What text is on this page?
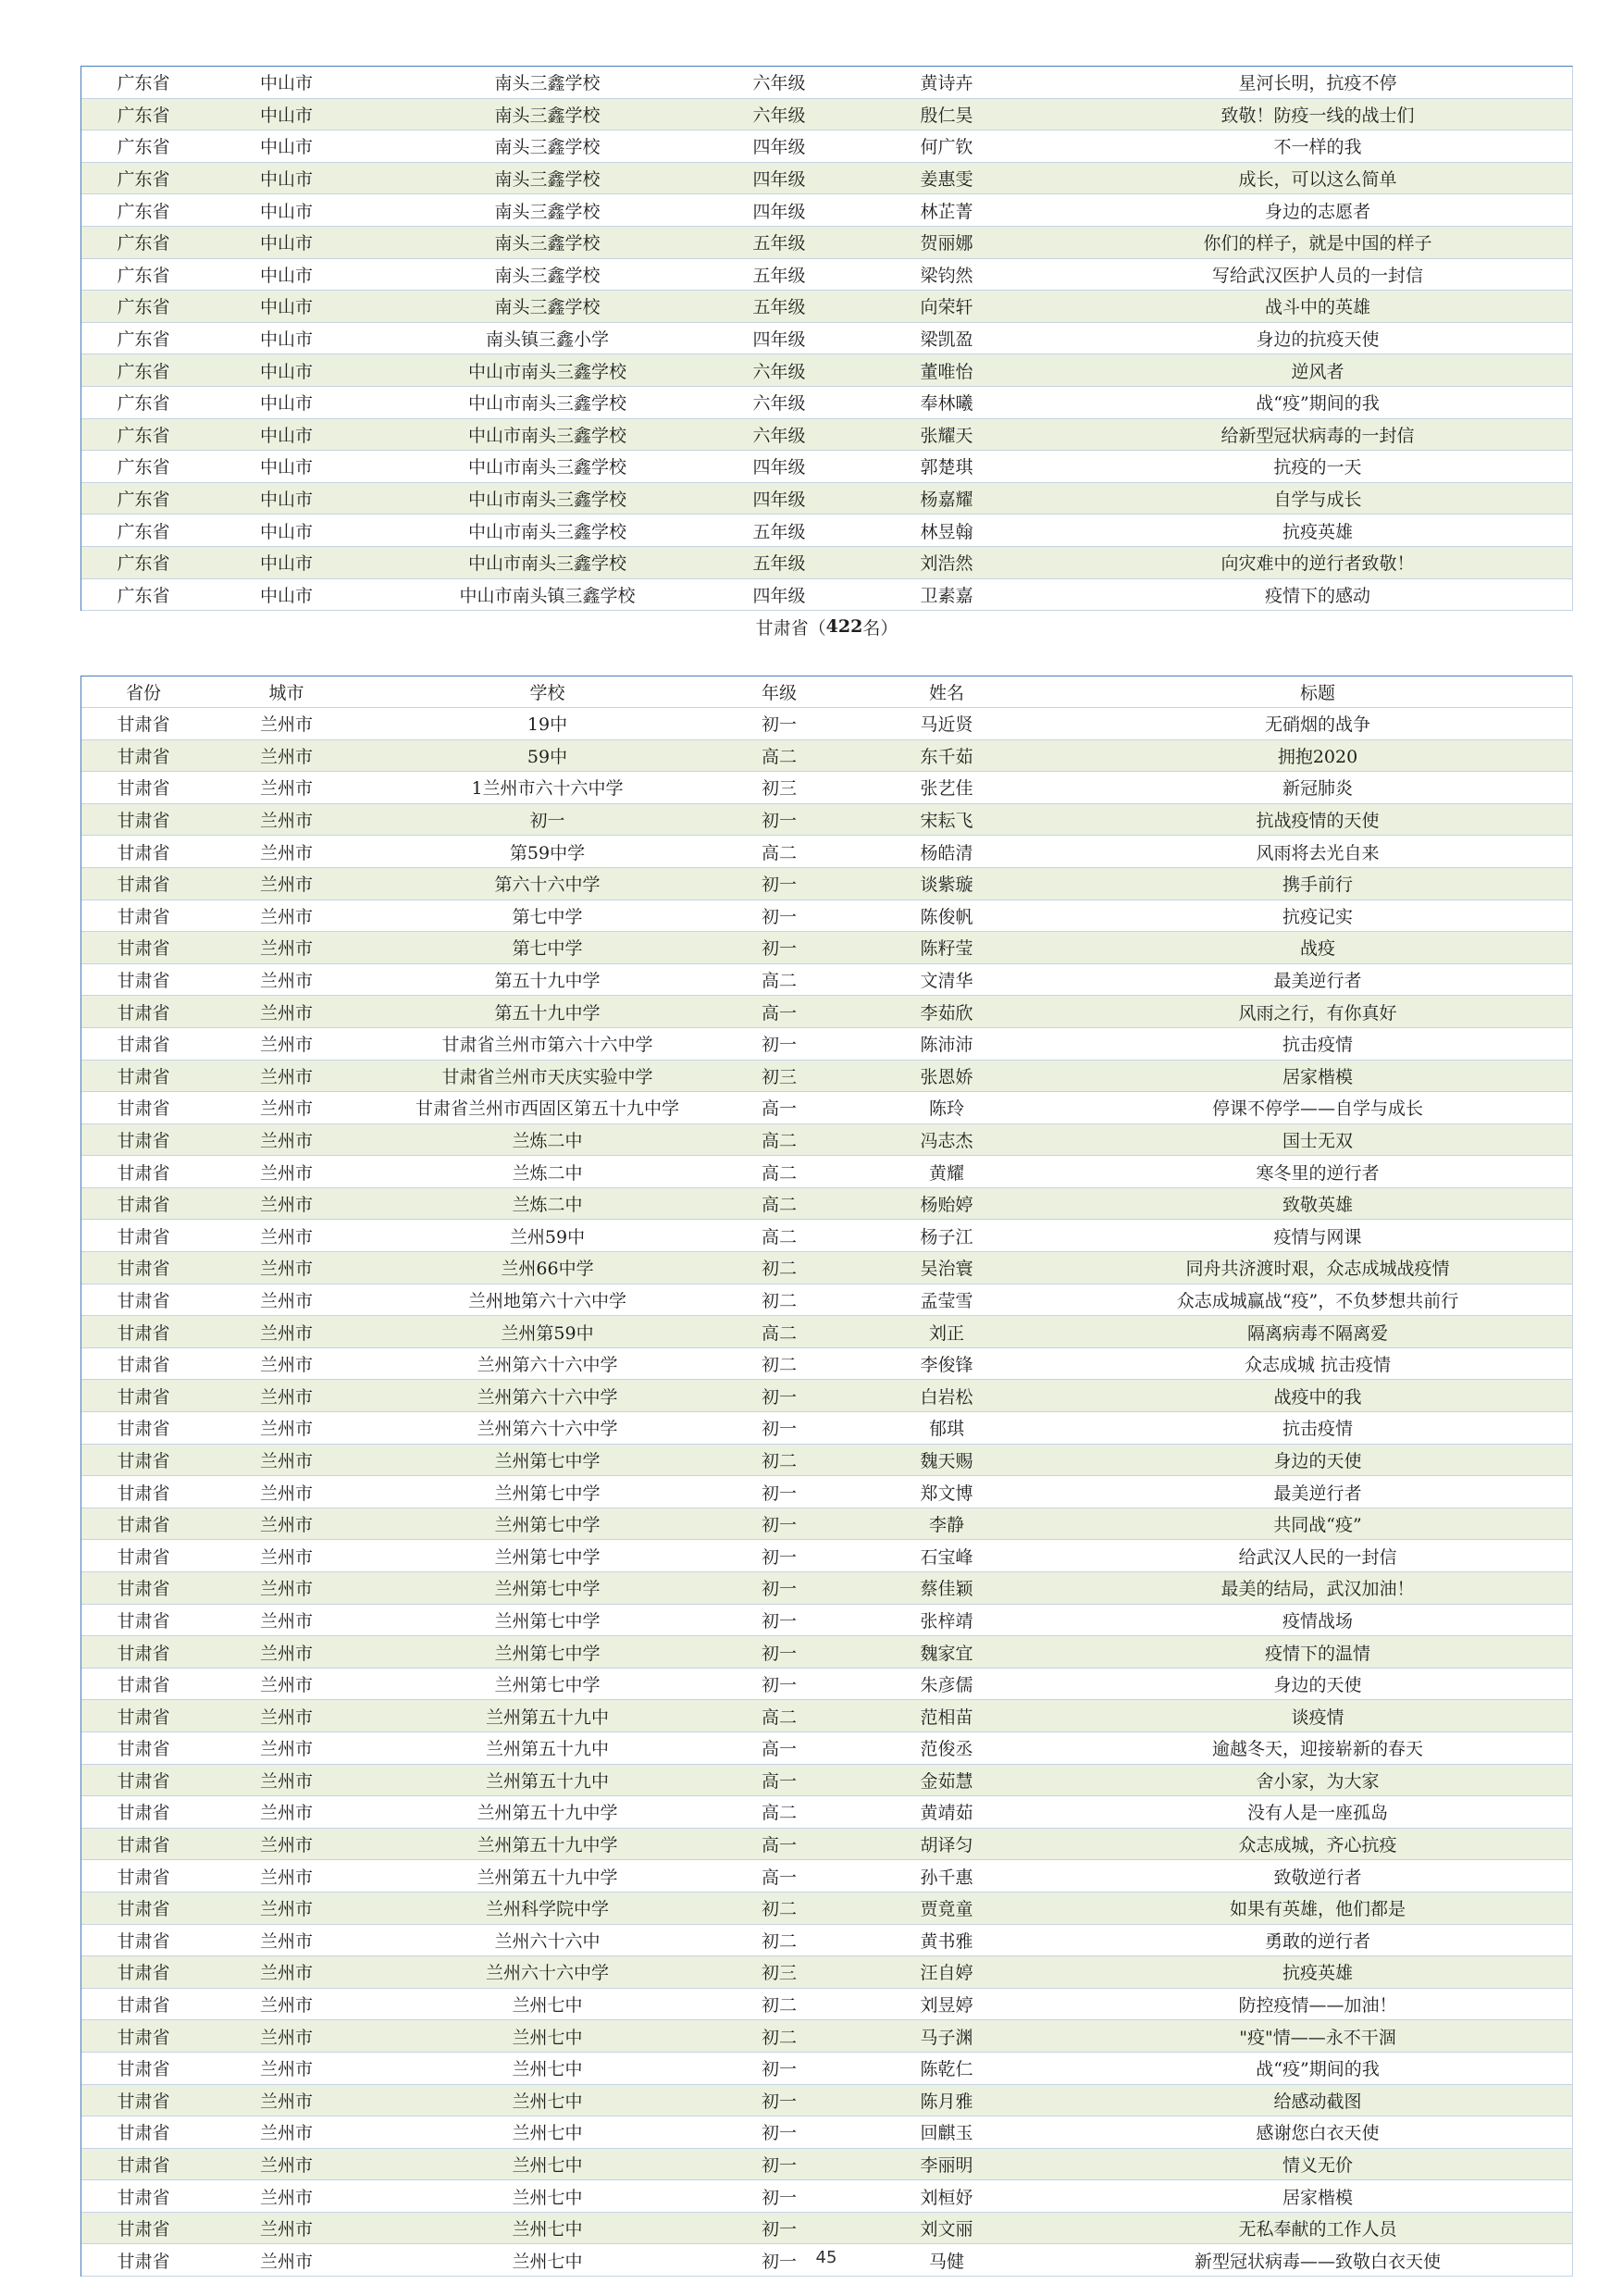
广东省	中山市	南头三鑫学校	六年级	黄诗卉	星河长明，抗疫不停
广东省	中山市	南头三鑫学校	六年级	殷仁昊	致敬！防疫一线的战士们
广东省	中山市	南头三鑫学校	四年级	何广钦	不一样的我
广东省	中山市	南头三鑫学校	四年级	姜惠雯	成长，可以这么简单
广东省	中山市	南头三鑫学校	四年级	林芷菁	身边的志愿者
广东省	中山市	南头三鑫学校	五年级	贺丽娜	你们的样子，就是中国的样子
广东省	中山市	南头三鑫学校	五年级	梁钧然	写给武汉医护人员的一封信
广东省	中山市	南头三鑫学校	五年级	向荣轩	战斗中的英雄
广东省	中山市	南头镇三鑫小学	四年级	梁凯盈	身边的抗疫天使
广东省	中山市	中山市南头三鑫学校	六年级	董唯怡	逆风者
广东省	中山市	中山市南头三鑫学校	六年级	奉林曦	战“疫”期间的我
广东省	中山市	中山市南头三鑫学校	六年级	张耀天	给新型冠状病毒的一封信
广东省	中山市	中山市南头三鑫学校	四年级	郭楚琪	抗疫的一天
广东省	中山市	中山市南头三鑫学校	四年级	杨嘉耀	自学与成长
广东省	中山市	中山市南头三鑫学校	五年级	林昱翰	抗疫英雄
广东省	中山市	中山市南头三鑫学校	五年级	刘浩然	向灾难中的逆行者致敬！
广东省	中山市	中山市南头镇三鑫学校	四年级	卫素嘉	疫情下的感动
甘肃省（ 422 名）
省份	城市	学校	年级	姓名	标题
甘肃省	兰州市	19中	初一	马近贤	无硝烟的战争
甘肃省	兰州市	59中	高二	东千茹	拥抱2020
甘肃省	兰州市	1兰州市六十六中学	初三	张艺佳	新冠肺炎
甘肃省	兰州市	初一	初一	宋耘飞	抗战疫情的天使
甘肃省	兰州市	第59中学	高二	杨皓清	风雨将去光自来
甘肃省	兰州市	第六十六中学	初一	谈紫璇	携手前行
甘肃省	兰州市	第七中学	初一	陈俊帆	抗疫记实
甘肃省	兰州市	第七中学	初一	陈籽莹	战疫
甘肃省	兰州市	第五十九中学	高二	文清华	最美逆行者
甘肃省	兰州市	第五十九中学	高一	李茹欣	风雨之行，有你真好
甘肃省	兰州市	甘肃省兰州市第六十六中学	初一	陈沛沛	抗击疫情
甘肃省	兰州市	甘肃省兰州市天庆实验中学	初三	张恩娇	居家楷模
甘肃省	兰州市	甘肃省兰州市西固区第五十九中学	高一	陈玲	停课不停学——自学与成长
甘肃省	兰州市	兰炼二中	高二	冯志杰	国士无双
甘肃省	兰州市	兰炼二中	高二	黄耀	寒冬里的逆行者
甘肃省	兰州市	兰炼二中	高二	杨贻婷	致敬英雄
甘肃省	兰州市	兰州59中	高二	杨子江	疫情与网课
甘肃省	兰州市	兰州66中学	初二	吴治寰	同舟共济渡时艰，众志成城战疫情
甘肃省	兰州市	兰州地第六十六中学	初二	孟莹雪	众志成城赢战“疫”，不负梦想共前行
甘肃省	兰州市	兰州第59中	高二	刘正	隔离病毒不隔离爱
甘肃省	兰州市	兰州第六十六中学	初二	李俊锋	众志成城 抗击疫情
甘肃省	兰州市	兰州第六十六中学	初一	白岩松	战疫中的我
甘肃省	兰州市	兰州第六十六中学	初一	郁琪	抗击疫情
甘肃省	兰州市	兰州第七中学	初二	魏天赐	身边的天使
甘肃省	兰州市	兰州第七中学	初一	郑文博	最美逆行者
甘肃省	兰州市	兰州第七中学	初一	李静	共同战“疫”
甘肃省	兰州市	兰州第七中学	初一	石宝峰	给武汉人民的一封信
甘肃省	兰州市	兰州第七中学	初一	蔡佳颖	最美的结局，武汉加油！
甘肃省	兰州市	兰州第七中学	初一	张梓靖	疫情战场
甘肃省	兰州市	兰州第七中学	初一	魏家宜	疫情下的温情
甘肃省	兰州市	兰州第七中学	初一	朱彦儒	身边的天使
甘肃省	兰州市	兰州第五十九中	高二	范相苗	谈疫情
甘肃省	兰州市	兰州第五十九中	高一	范俊丞	逾越冬天，迎接崭新的春天
甘肃省	兰州市	兰州第五十九中	高一	金茹慧	舍小家，为大家
甘肃省	兰州市	兰州第五十九中学	高二	黄靖茹	没有人是一座孤岛
甘肃省	兰州市	兰州第五十九中学	高一	胡译匀	众志成城，齐心抗疫
甘肃省	兰州市	兰州第五十九中学	高一	孙千惠	致敬逆行者
甘肃省	兰州市	兰州科学院中学	初二	贾竟童	如果有英雄，他们都是
甘肃省	兰州市	兰州六十六中	初二	黄书雅	勇敢的逆行者
甘肃省	兰州市	兰州六十六中学	初三	汪自婷	抗疫英雄
甘肃省	兰州市	兰州七中	初二	刘昱婷	防控疫情——加油！
甘肃省	兰州市	兰州七中	初二	马子渊	"疫"情——永不干涸
甘肃省	兰州市	兰州七中	初一	陈乾仁	战“疫”期间的我
甘肃省	兰州市	兰州七中	初一	陈月雅	给感动截图
甘肃省	兰州市	兰州七中	初一	回麒玉	感谢您白衣天使
甘肃省	兰州市	兰州七中	初一	李丽明	情义无价
甘肃省	兰州市	兰州七中	初一	刘桓妤	居家楷模
甘肃省	兰州市	兰州七中	初一	刘文丽	无私奉献的工作人员
甘肃省	兰州市	兰州七中	初一	马健	新型冠状病毒——致敬白衣天使
45
